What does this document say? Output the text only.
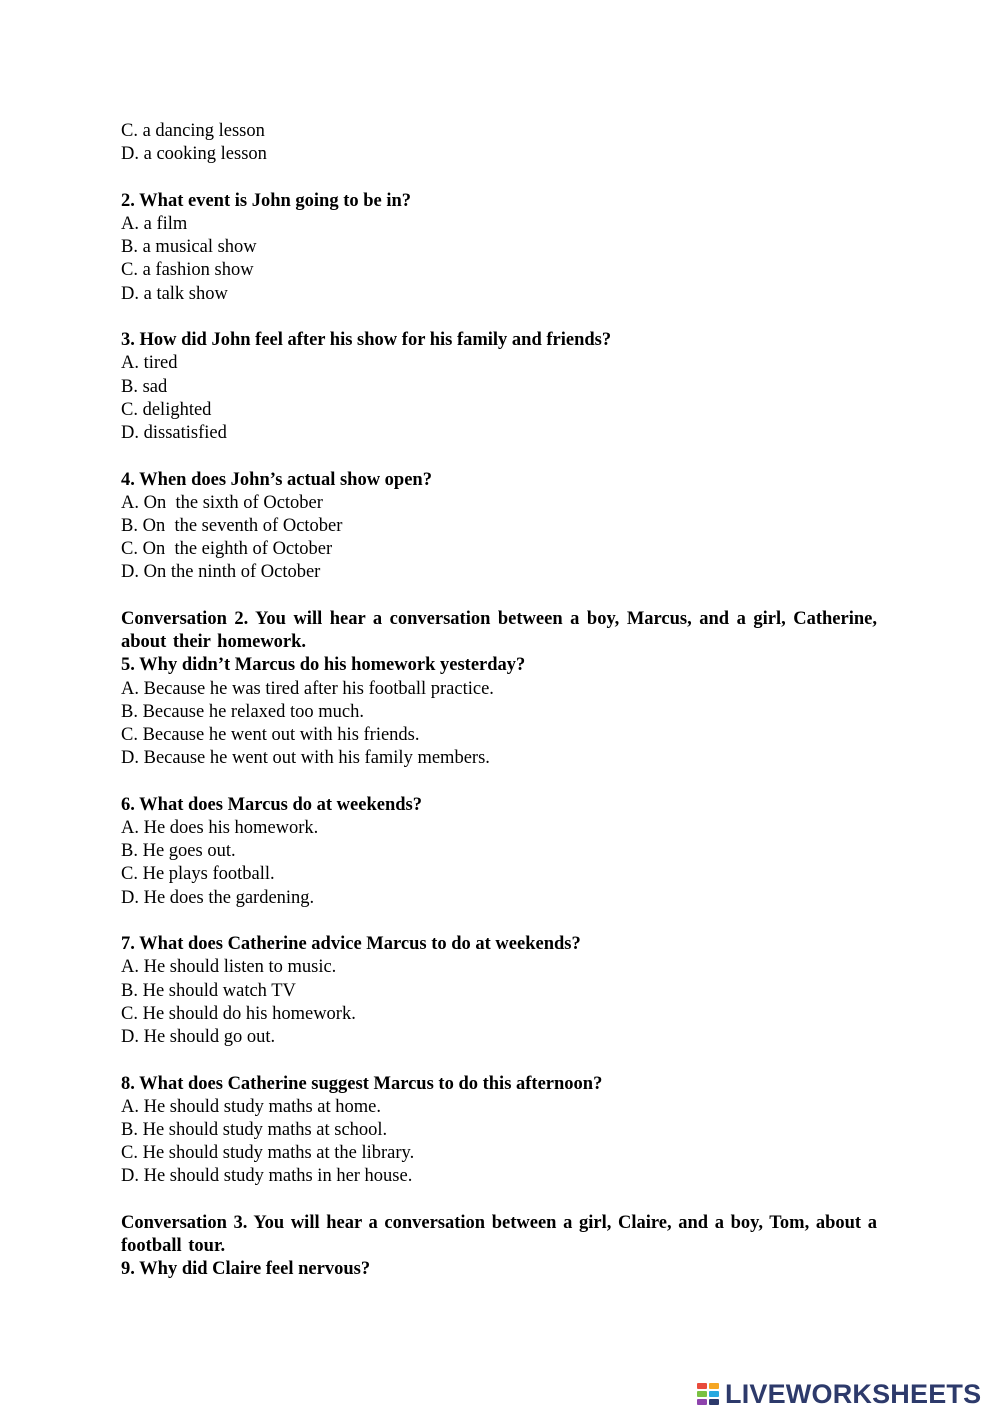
C. a dancing lesson

D. a cooking lesson

2. What event is John going to be in?

A. a film

B. a musical show

C. a fashion show

D. a talk show

3. How did John feel after his show for his family and friends?

A. tired

B. sad

C. delighted

D. dissatisfied

4. When does John’s actual show open?

A. On  the sixth of October

B. On  the seventh of October

C. On  the eighth of October

D. On the ninth of October

Conversation 2. You will hear a conversation between a boy, Marcus, and a girl, Catherine, about their homework.

5. Why didn’t Marcus do his homework yesterday?

A. Because he was tired after his football practice.

B. Because he relaxed too much.

C. Because he went out with his friends.

D. Because he went out with his family members.

6. What does Marcus do at weekends?

A. He does his homework.

B. He goes out.

C. He plays football.

D. He does the gardening.

7. What does Catherine advice Marcus to do at weekends?

A. He should listen to music.

B. He should watch TV

C. He should do his homework.

D. He should go out.

8. What does Catherine suggest Marcus to do this afternoon?

A. He should study maths at home.

B. He should study maths at school.

C. He should study maths at the library.

D. He should study maths in her house.

Conversation 3. You will hear a conversation between a girl, Claire, and a boy, Tom, about a football tour.

9. Why did Claire feel nervous?

LIVEWORKSHEETS
